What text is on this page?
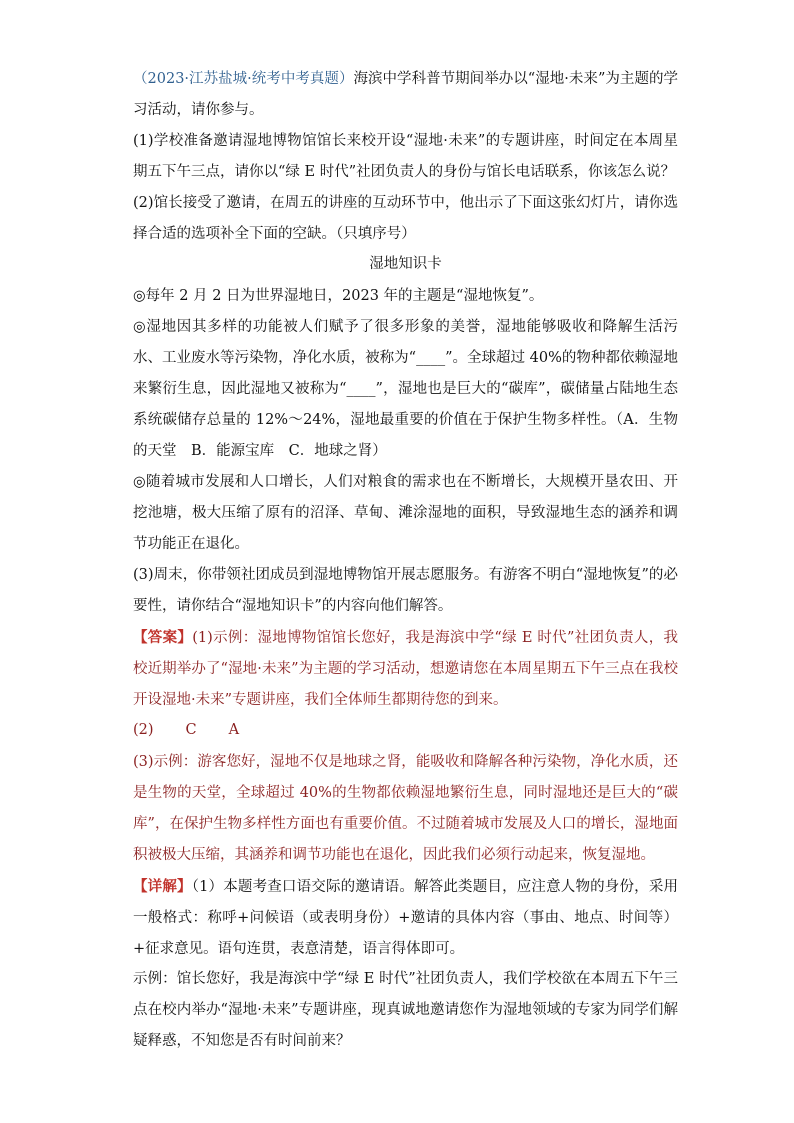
（2023·江苏盐城·统考中考真题）海滨中学科普节期间举办以“湿地·未来”为主题的学习活动，请你参与。

(1)学校准备邀请湿地博物馆馆长来校开设“湿地·未来”的专题讲座，时间定在本周星期五下午三点，请你以“绿 E 时代”社团负责人的身份与馆长电话联系，你该怎么说？

(2)馆长接受了邀请，在周五的讲座的互动环节中，他出示了下面这张幻灯片，请你选择合适的选项补全下面的空缺。（只填序号）

湿地知识卡

◎每年 2 月 2 日为世界湿地日，2023 年的主题是“湿地恢复”。

◎湿地因其多样的功能被人们赋予了很多形象的美誉，湿地能够吸收和降解生活污水、工业废水等污染物，净化水质，被称为“____”。全球超过 40%的物种都依赖湿地来繁衍生息，因此湿地又被称为“____”，湿地也是巨大的“碳库”，碳储量占陆地生态系统碳储存总量的 12%～24%，湿地最重要的价值在于保护生物多样性。（A．生物的天堂　B．能源宝库　C．地球之肾）

◎随着城市发展和人口增长，人们对粮食的需求也在不断增长，大规模开垦农田、开挖池塘，极大压缩了原有的沼泽、草甸、滩涂湿地的面积，导致湿地生态的涵养和调节功能正在退化。

(3)周末，你带领社团成员到湿地博物馆开展志愿服务。有游客不明白“湿地恢复”的必要性，请你结合“湿地知识卡”的内容向他们解答。

【答案】(1)示例：湿地博物馆馆长您好，我是海滨中学“绿 E 时代”社团负责人，我校近期举办了“湿地·未来”为主题的学习活动，想邀请您在本周星期五下午三点在我校开设湿地·未来”专题讲座，我们全体师生都期待您的到来。

(2) C A

(3)示例：游客您好，湿地不仅是地球之肾，能吸收和降解各种污染物，净化水质，还是生物的天堂，全球超过 40%的生物都依赖湿地繁衍生息，同时湿地还是巨大的“碳库”，在保护生物多样性方面也有重要价值。不过随着城市发展及人口的增长，湿地面积被极大压缩，其涵养和调节功能也在退化，因此我们必须行动起来，恢复湿地。

【详解】（1）本题考查口语交际的邀请语。解答此类题目，应注意人物的身份，采用一般格式：称呼+问候语（或表明身份）+邀请的具体内容（事由、地点、时间等）+征求意见。语句连贯，表意清楚，语言得体即可。

示例：馆长您好，我是海滨中学“绿 E 时代”社团负责人，我们学校欲在本周五下午三点在校内举办“湿地·未来”专题讲座，现真诚地邀请您作为湿地领域的专家为同学们解疑释惑，不知您是否有时间前来？
